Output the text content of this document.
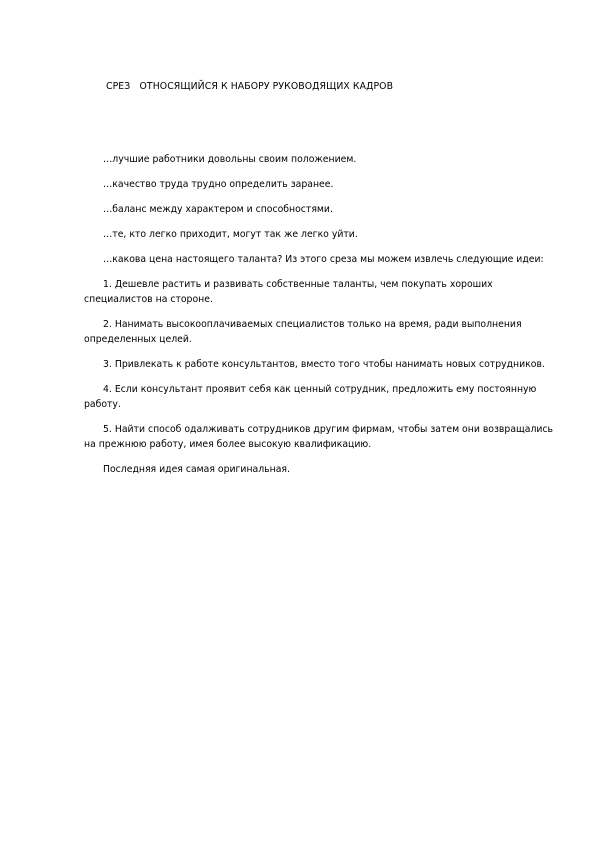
СРЕЗ   ОТНОСЯЩИЙСЯ К НАБОРУ РУКОВОДЯЩИХ КАДРОВ

…лучшие работники довольны своим положением.

…качество труда трудно определить заранее.

…баланс между характером и способностями.

…те, кто легко приходит, могут так же легко уйти.

…какова цена настоящего таланта? Из этого среза мы можем извлечь следующие идеи:

1. Дешевле растить и развивать собственные таланты, чем покупать хороших специалистов на стороне.

2. Нанимать высокооплачиваемых специалистов только на время, ради выполнения определенных целей.

3. Привлекать к работе консультантов, вместо того чтобы нанимать новых сотрудников.

4. Если консультант проявит себя как ценный сотрудник, предложить ему постоянную работу.

5. Найти способ одалживать сотрудников другим фирмам, чтобы затем они возвращались на прежнюю работу, имея более высокую квалификацию.

Последняя идея самая оригинальная.
